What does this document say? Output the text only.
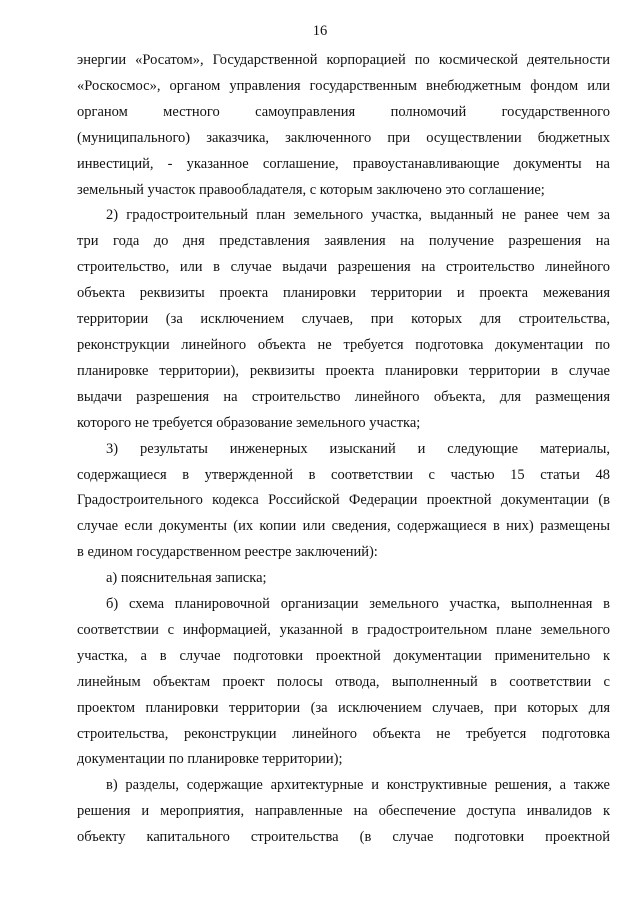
16

энергии «Росатом», Государственной корпорацией по космической деятельности

«Роскосмос», органом управления государственным внебюджетным фондом или

органом местного самоуправления полномочий государственного

(муниципального) заказчика, заключенного при осуществлении бюджетных

инвестиций, - указанное соглашение, правоустанавливающие документы на

земельный участок правообладателя, с которым заключено это соглашение;

2) градостроительный план земельного участка, выданный не ранее чем за

три года до дня представления заявления на получение разрешения на

строительство, или в случае выдачи разрешения на строительство линейного

объекта реквизиты проекта планировки территории и проекта межевания

территории (за исключением случаев, при которых для строительства,

реконструкции линейного объекта не требуется подготовка документации по

планировке территории), реквизиты проекта планировки территории в случае

выдачи разрешения на строительство линейного объекта, для размещения

которого не требуется образование земельного участка;

3) результаты инженерных изысканий и следующие материалы,

содержащиеся в утвержденной в соответствии с частью 15 статьи 48

Градостроительного кодекса Российской Федерации проектной документации (в

случае если документы (их копии или сведения, содержащиеся в них) размещены

в едином государственном реестре заключений):

а) пояснительная записка;

б) схема планировочной организации земельного участка, выполненная в

соответствии с информацией, указанной в градостроительном плане земельного

участка, а в случае подготовки проектной документации применительно к

линейным объектам проект полосы отвода, выполненный в соответствии с

проектом планировки территории (за исключением случаев, при которых для

строительства, реконструкции линейного объекта не требуется подготовка

документации по планировке территории);

в) разделы, содержащие архитектурные и конструктивные решения, а также

решения и мероприятия, направленные на обеспечение доступа инвалидов к

объекту капитального строительства (в случае подготовки проектной
